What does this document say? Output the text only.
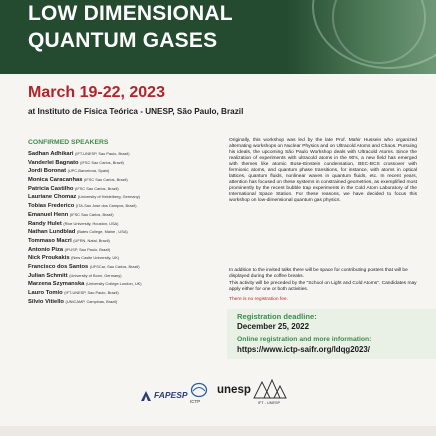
LOW DIMENSIONAL
QUANTUM GASES
March 19-22, 2023
at Instituto de Física Teórica - UNESP, São Paulo, Brazil
CONFIRMED SPEAKERS
Sadhan Adhikari (IFT-UNESP, Sao Paulo, Brazil)
Vanderlei Bagnato (IFSC Sao Carlos, Brazil)
Jordi Boronat (UPC-Barcelona, Spain)
Monica Caracanhas (IFSC Sao Carlos, Brazil)
Patricia Castilho (IFSC Sao Carlos, Brazil)
Lauriane Chomaz (University of Heidelberg, Germany)
Tobias Frederico (ITA-Sao Jose dos Campos, Brazil)
Emanuel Henn (IFSC Sao Carlos, Brazil)
Randy Hulet (Rice University, Houston, USA)
Nathan Lundblad (Bates College, Maine , USA)
Tommaso Macri (UFRN, Natal, Brazil)
Antonio Piza (IFUSP, Sao Paulo, Brazil)
Nick Proukakis (New Castle University, UK)
Francisco dos Santos (UFSCar, Sao Carlos, Brazil)
Julian Schmitt (University of Bonn, Germany)
Marzena Szymanska (University College London, UK)
Lauro Tomio (IFT-UNESP, Sao Paulo, Brazil)
Silvio Vitiello (UNICAMP, Campinas, Brazil)

Originally, this workshop was led by the late Prof. Mahir Hussein who organized alternating workshops on Nuclear Physics and on Ultracold Atoms and Chaos. Pursuing his ideals, the upcoming São Paulo Workshop deals with Ultracold Atoms. Since the realization of experiments with ultracold atoms in the 90's, a new field has emerged with themes like atomic Bose-Einstein condensation, BEC-BCS crossover with fermionic atoms, and quantum phase transitions, for instance, with atoms in optical lattices, quantum fluids, nonlinear waves in quantum fluids, etc. In recent years, attention has focused on these systems in constrained geometries, as exemplified most prominently by the recent bubble trap experiments in the Cold Atom Laboratory of the International Space Station. For these reasons, we have decided to focus this workshop on low-dimensional quantum gas physics.

In addition to the invited talks there will be space for contributing posters that will be displayed during the coffee breaks.

This activity will be preceded by the "School on Light and Cold Atoms". Candidates may apply either for one or both activities.

There is no registration fee.
Registration deadline:
December 25, 2022
Online registration and more information:
https://www.ictp-saifr.org/ldqg2023/
FAPESP
ICTP
unesp
IFT - UNESP
